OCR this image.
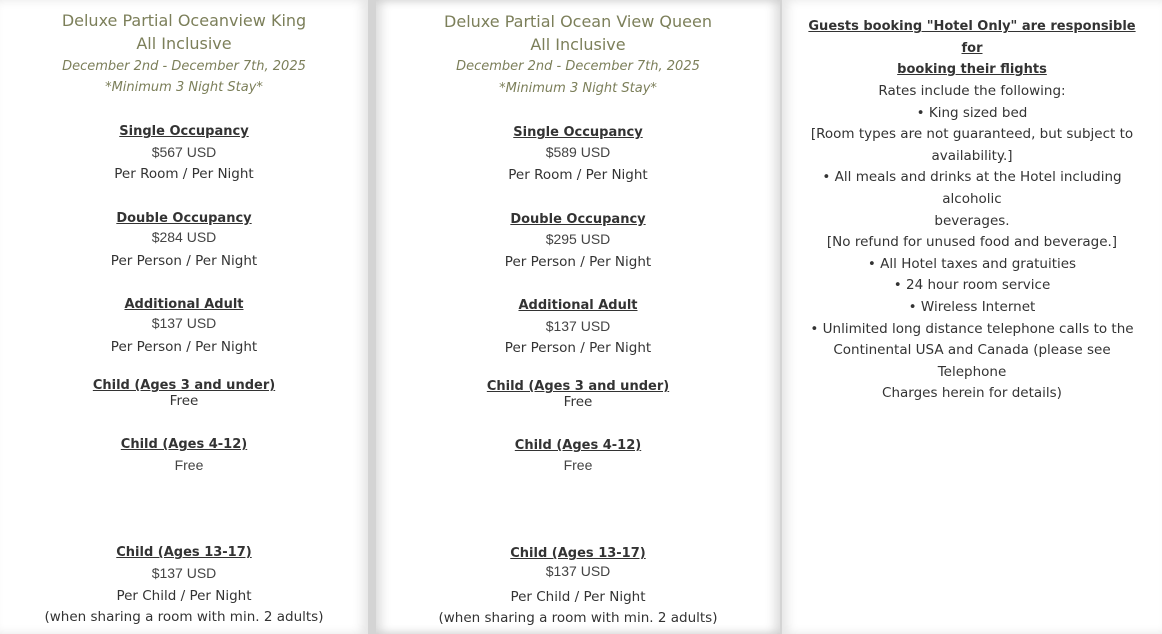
Deluxe Partial Oceanview King
All Inclusive
December 2nd - December 7th, 2025
*Minimum 3 Night Stay*
Single Occupancy
$567 USD
Per Room / Per Night
Double Occupancy
$284 USD
Per Person / Per Night
Additional Adult
$137 USD
Per Person / Per Night
Child (Ages 3 and under)
Free
Child (Ages 4-12)
Free
Child (Ages 13-17)
$137 USD
Per Child / Per Night
(when sharing a room with min. 2 adults)
Deluxe Partial Ocean View Queen
All Inclusive
December 2nd - December 7th, 2025
*Minimum 3 Night Stay*
Single Occupancy
$589 USD
Per Room / Per Night
Double Occupancy
$295 USD
Per Person / Per Night
Additional Adult
$137 USD
Per Person / Per Night
Child (Ages 3 and under)
Free
Child (Ages 4-12)
Free
Child (Ages 13-17)
$137 USD
Per Child / Per Night
(when sharing a room with min. 2 adults)
Guests booking "Hotel Only" are responsible for
booking their flights
Rates include the following:
• King sized bed
[Room types are not guaranteed, but subject to
availability.]
• All meals and drinks at the Hotel including alcoholic
beverages.
[No refund for unused food and beverage.]
• All Hotel taxes and gratuities
• 24 hour room service
• Wireless Internet
• Unlimited long distance telephone calls to the
Continental USA and Canada (please see Telephone
Charges herein for details)
